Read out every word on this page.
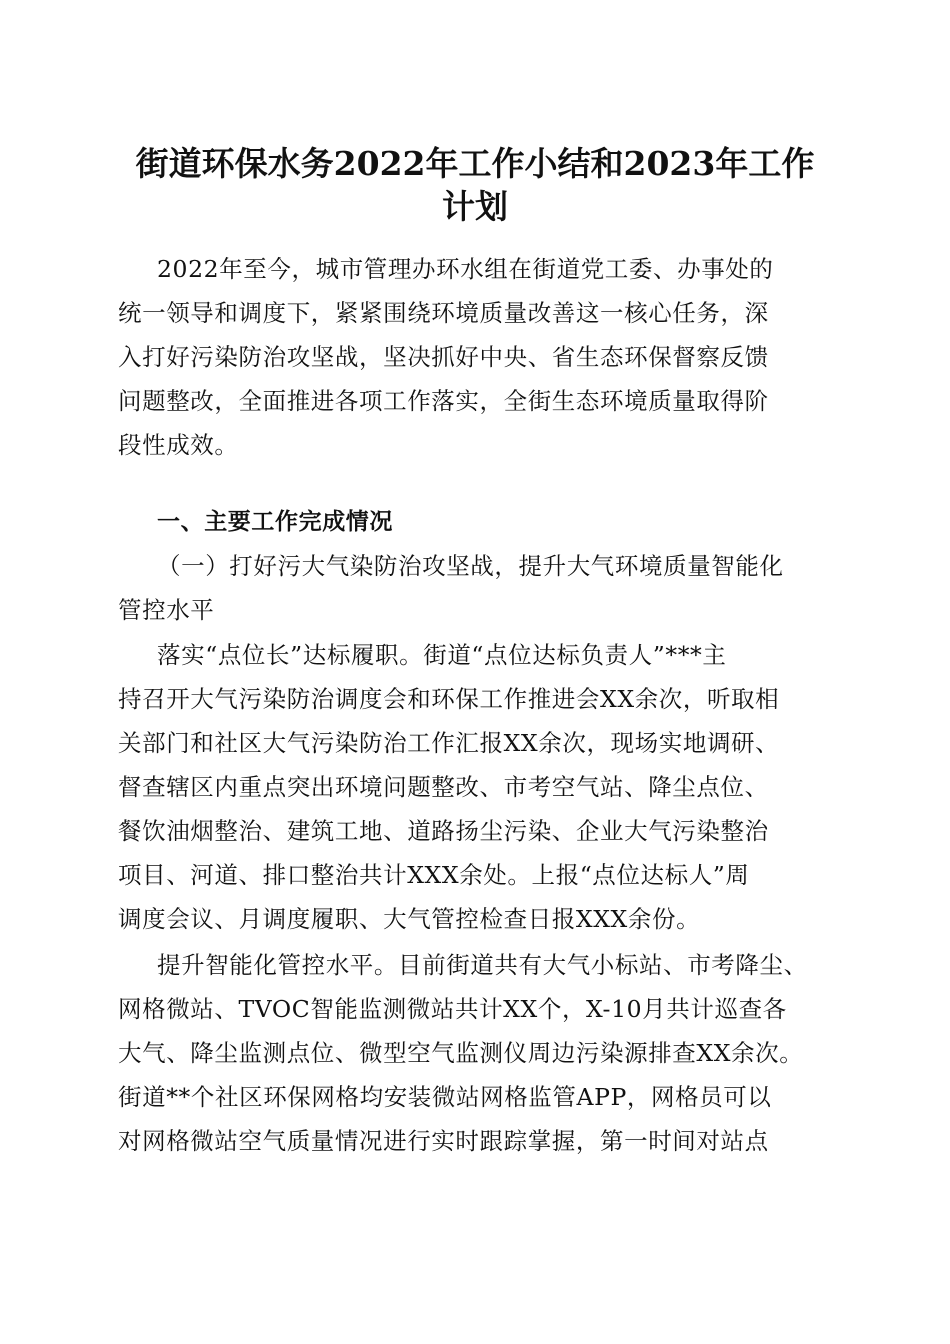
街道环保水务2022年工作小结和2023年工作
计划
2022年至今，城市管理办环水组在街道党工委、办事处的
统一领导和调度下，紧紧围绕环境质量改善这一核心任务，深
入打好污染防治攻坚战，坚决抓好中央、省生态环保督察反馈
问题整改，全面推进各项工作落实，全街生态环境质量取得阶
段性成效。
一、主要工作完成情况
（一）打好污大气染防治攻坚战，提升大气环境质量智能化
管控水平
落实“点位长”达标履职。街道“点位达标负责人”***主
持召开大气污染防治调度会和环保工作推进会XX余次，听取相
关部门和社区大气污染防治工作汇报XX余次，现场实地调研、
督查辖区内重点突出环境问题整改、市考空气站、降尘点位、
餐饮油烟整治、建筑工地、道路扬尘污染、企业大气污染整治
项目、河道、排口整治共计XXX余处。上报“点位达标人”周
调度会议、月调度履职、大气管控检查日报XXX余份。
提升智能化管控水平。目前街道共有大气小标站、市考降尘、
网格微站、TVOC智能监测微站共计XX个，X-10月共计巡查各
大气、降尘监测点位、微型空气监测仪周边污染源排查XX余次。
街道**个社区环保网格均安装微站网格监管APP，网格员可以
对网格微站空气质量情况进行实时跟踪掌握，第一时间对站点
